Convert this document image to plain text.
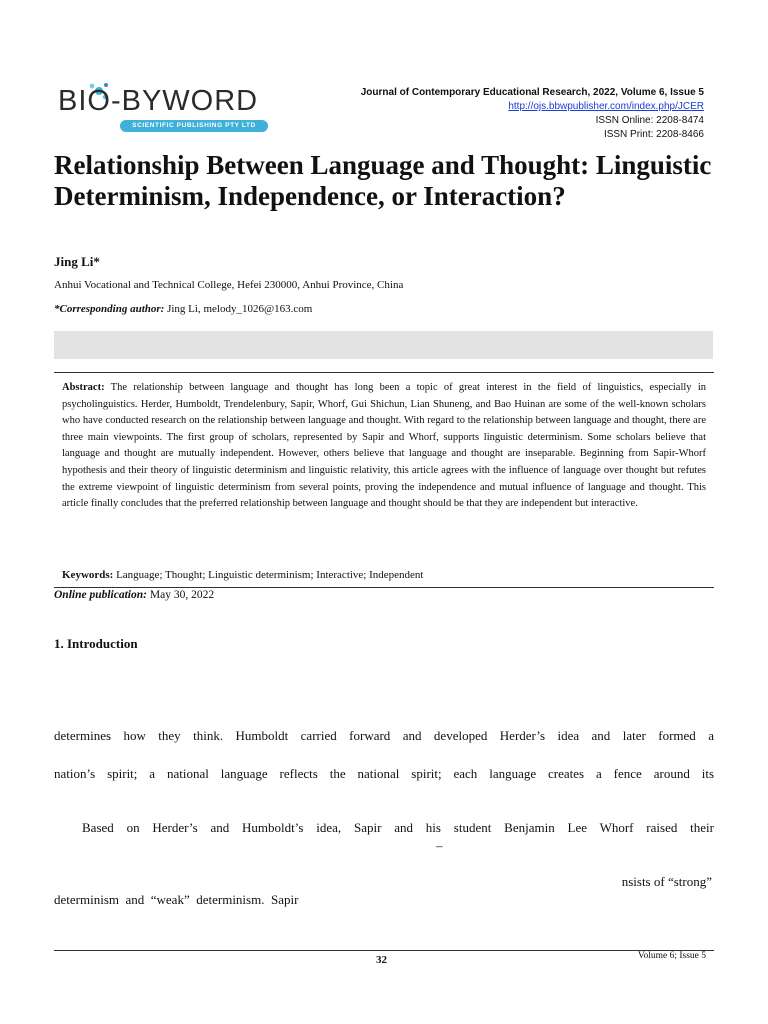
BIO-BYWORD
SCIENTIFIC PUBLISHING PTY LTD
Journal of Contemporary Educational Research, 2022, Volume 6, Issue 5
http://ojs.bbwpublisher.com/index.php/JCER
ISSN Online: 2208-8474
ISSN Print: 2208-8466
Relationship Between Language and Thought: Linguistic Determinism, Independence, or Interaction?
Jing Li*
Anhui Vocational and Technical College, Hefei 230000, Anhui Province, China
*Corresponding author: Jing Li, melody_1026@163.com
Abstract: The relationship between language and thought has long been a topic of great interest in the field of linguistics, especially in psycholinguistics. Herder, Humboldt, Trendelenbury, Sapir, Whorf, Gui Shichun, Lian Shuneng, and Bao Huinan are some of the well-known scholars who have conducted research on the relationship between language and thought. With regard to the relationship between language and thought, there are three main viewpoints. The first group of scholars, represented by Sapir and Whorf, supports linguistic determinism. Some scholars believe that language and thought are mutually independent. However, others believe that language and thought are inseparable. Beginning from Sapir-Whorf hypothesis and their theory of linguistic determinism and linguistic relativity, this article agrees with the influence of language over thought but refutes the extreme viewpoint of linguistic determinism from several points, proving the independence and mutual influence of language and thought. This article finally concludes that the preferred relationship between language and thought should be that they are independent but interactive.
Keywords: Language; Thought; Linguistic determinism; Interactive; Independent
Online publication: May 30, 2022
1. Introduction
determines how they think. Humboldt carried forward and developed Herder’s idea and later formed a
nation’s spirit; a national language reflects the national spirit; each language creates a fence around its
Based on Herder’s and Humboldt’s idea, Sapir and his student Benjamin Lee Whorf raised their
–
nsists of “strong”
determinism  and  “weak”  determinism.  Sapir
32	Volume 6; Issue 5
